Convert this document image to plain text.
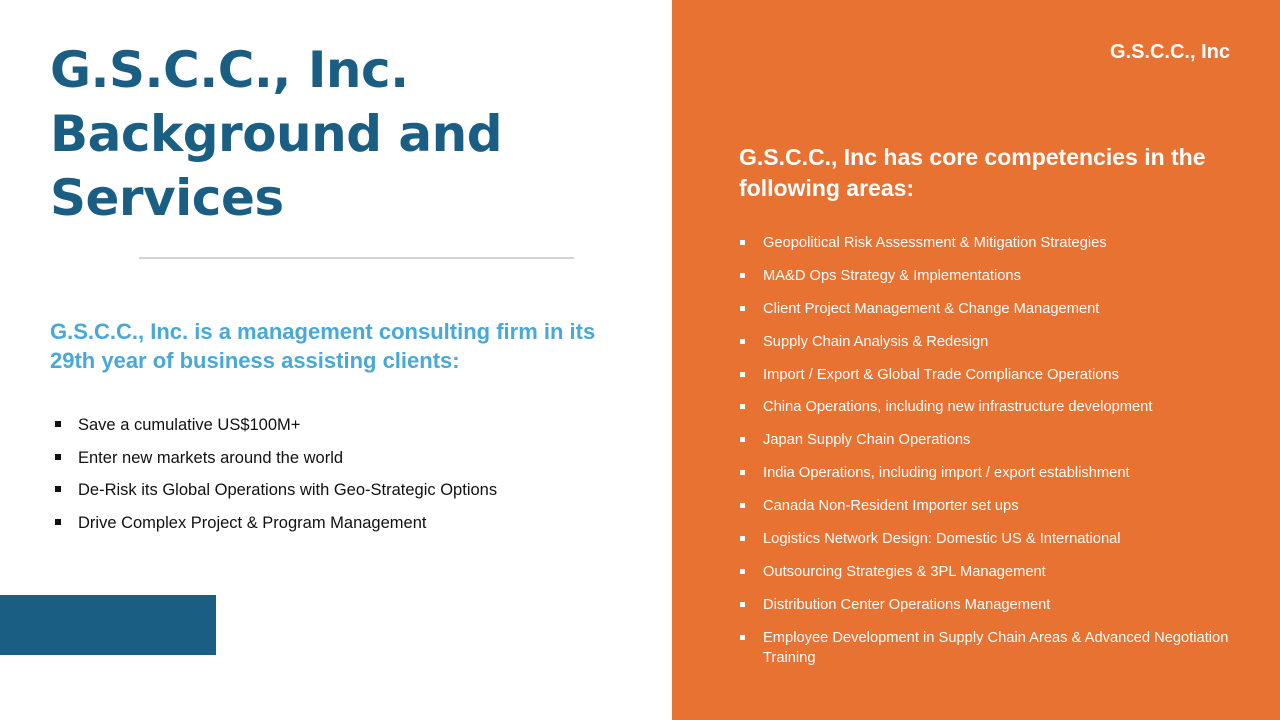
G.S.C.C., Inc.
Background and
Services

G.S.C.C., Inc. is a management consulting firm in its 29th year of business assisting clients:

Save a cumulative US$100M+
Enter new markets around the world
De-Risk its Global Operations with Geo-Strategic Options
Drive Complex Project & Program Management

G.S.C.C., Inc

G.S.C.C., Inc has core competencies in the following areas:
Geopolitical Risk Assessment & Mitigation Strategies
MA&D Ops Strategy & Implementations
Client Project Management & Change Management
Supply Chain Analysis & Redesign
Import / Export & Global Trade Compliance Operations
China Operations, including new infrastructure development
Japan Supply Chain Operations
India Operations, including import / export establishment
Canada Non-Resident Importer set ups
Logistics Network Design: Domestic US & International
Outsourcing Strategies & 3PL Management
Distribution Center Operations Management
Employee Development in Supply Chain Areas & Advanced Negotiation Training
